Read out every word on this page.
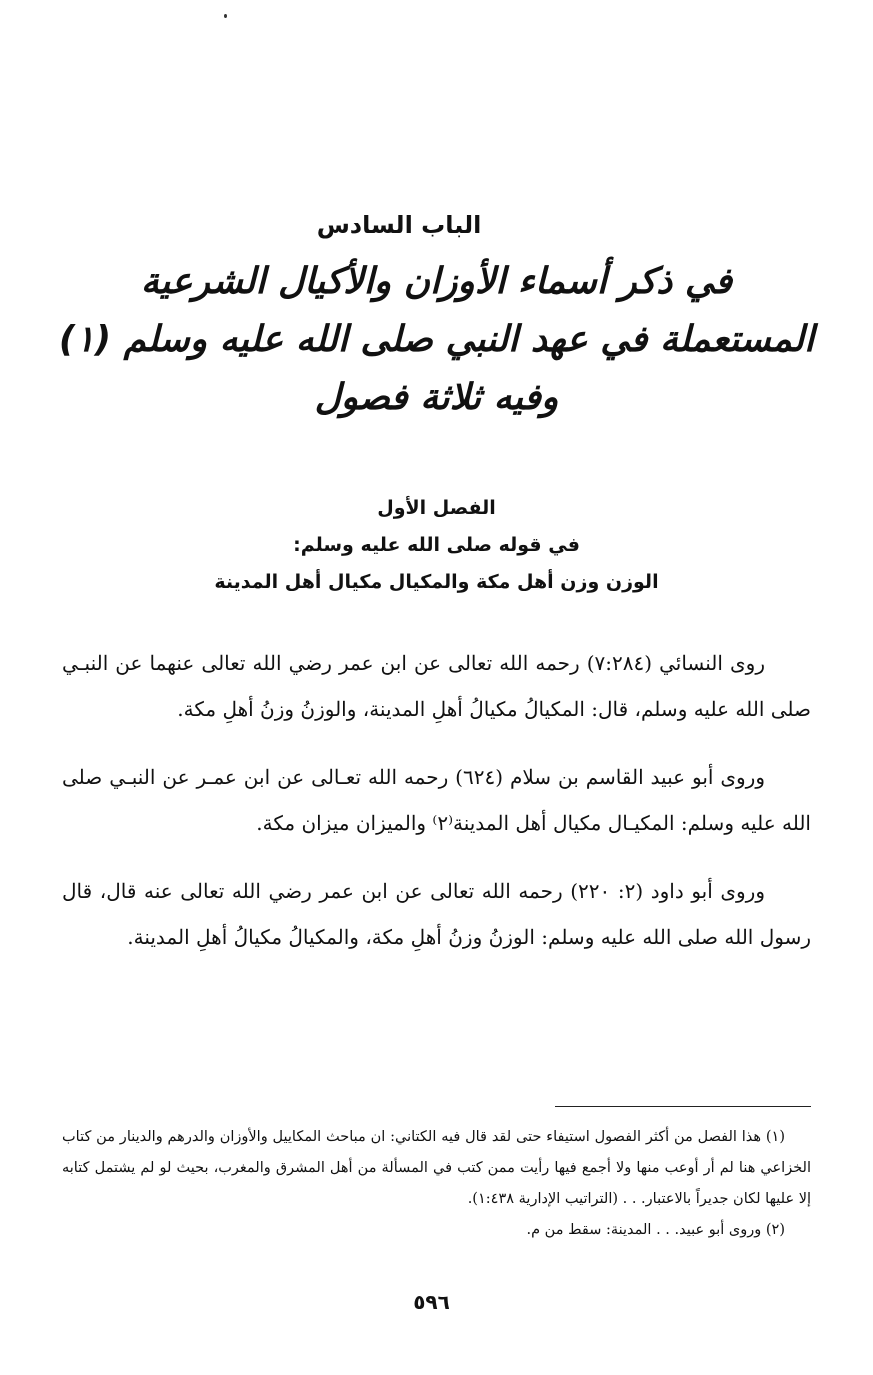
الباب السادس
في ذكر أسماء الأوزان والأكيال الشرعية
المستعملة في عهد النبي صلى الله عليه وسلم (١)
وفيه ثلاثة فصول
الفصل الأول
في قوله صلى الله عليه وسلم:
الوزن وزن أهل مكة والمكيال مكيال أهل المدينة

روى النسائي (٧:٢٨٤) رحمه الله تعالى عن ابن عمر رضي الله تعالى عنهما عن النبـي صلى الله عليه وسلم، قال: المكيالُ مكيالُ أهلِ المدينة، والوزنُ وزنُ أهلِ مكة.

وروى أبو عبيد القاسم بن سلام (٦٢٤) رحمه الله تعـالى عن ابن عمـر عن النبـي صلى الله عليه وسلم: المكيـال مكيال أهل المدينة⁽٢⁾ والميزان ميزان مكة.

وروى أبو داود (٢: ٢٢٠) رحمه الله تعالى عن ابن عمر رضي الله تعالى عنه قال، قال رسول الله صلى الله عليه وسلم: الوزنُ وزنُ أهلِ مكة، والمكيالُ مكيالُ أهلِ المدينة.

(١) هذا الفصل من أكثر الفصول استيفاء حتى لقد قال فيه الكتاني: ان مباحث المكاييل والأوزان والدرهم والدينار من كتاب الخزاعي هنا لم أر أوعب منها ولا أجمع فيها رأيت ممن كتب في المسألة من أهل المشرق والمغرب، بحيث لو لم يشتمل كتابه إلا عليها لكان جديراً بالاعتبار. . . (التراتيب الإدارية ١:٤٣٨).

(٢) وروى أبو عبيد. . . المدينة: سقط من م.

٥٩٦
